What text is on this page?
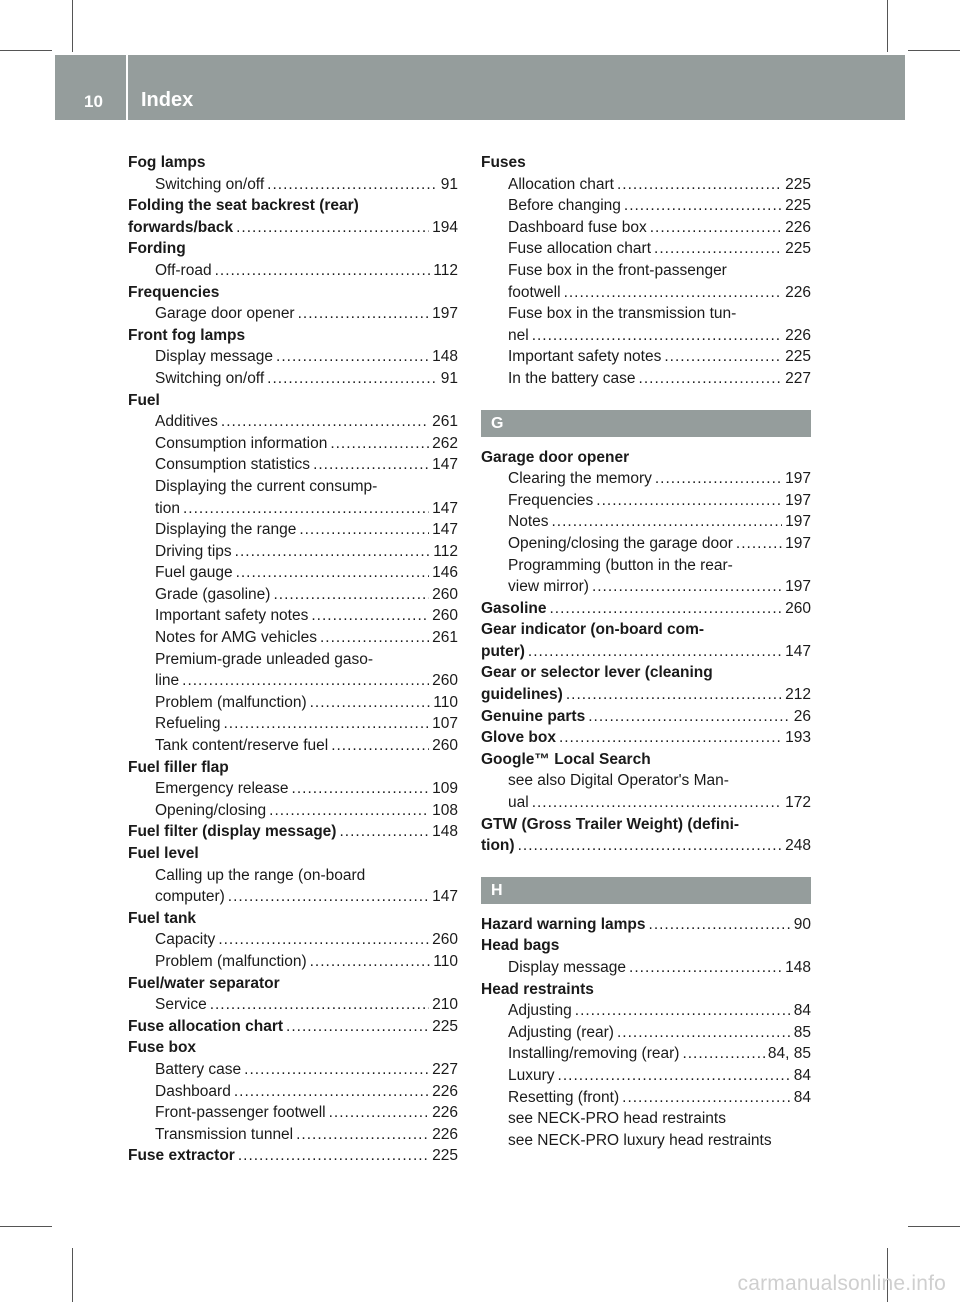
10 Index
Fog lamps
Switching on/off .....	91
Folding the seat backrest (rear)
forwards/back .....	194
Fording
Off-road .....	112
Frequencies
Garage door opener .....	197
Front fog lamps
Display message .....	148
Switching on/off .....	91
Fuel
Additives .....	261
Consumption information .....	262
Consumption statistics .....	147
Displaying the current consump-
tion .....	147
Displaying the range .....	147
Driving tips .....	112
Fuel gauge .....	146
Grade (gasoline) .....	260
Important safety notes .....	260
Notes for AMG vehicles .....	261
Premium-grade unleaded gaso-
line .....	260
Problem (malfunction) .....	110
Refueling .....	107
Tank content/reserve fuel .....	260
Fuel filler flap
Emergency release .....	109
Opening/closing .....	108
Fuel filter (display message) .....	148
Fuel level
Calling up the range (on-board
computer) .....	147
Fuel tank
Capacity .....	260
Problem (malfunction) .....	110
Fuel/water separator
Service .....	210
Fuse allocation chart .....	225
Fuse box
Battery case .....	227
Dashboard .....	226
Front-passenger footwell .....	226
Transmission tunnel .....	226
Fuse extractor .....	225
Fuses
Allocation chart .....	225
Before changing .....	225
Dashboard fuse box .....	226
Fuse allocation chart .....	225
Fuse box in the front-passenger
footwell .....	226
Fuse box in the transmission tun-
nel .....	226
Important safety notes .....	225
In the battery case .....	227
G
Garage door opener
Clearing the memory .....	197
Frequencies .....	197
Notes .....	197
Opening/closing the garage door .....	197
Programming (button in the rear-
view mirror) .....	197
Gasoline .....	260
Gear indicator (on-board com-
puter) .....	147
Gear or selector lever (cleaning
guidelines) .....	212
Genuine parts .....	26
Glove box .....	193
Google™ Local Search
see also Digital Operator's Man-
ual .....	172
GTW (Gross Trailer Weight) (defini-
tion) .....	248
H
Hazard warning lamps .....	90
Head bags
Display message .....	148
Head restraints
Adjusting .....	84
Adjusting (rear) .....	85
Installing/removing (rear) .....	84, 85
Luxury .....	84
Resetting (front) .....	84
see NECK-PRO head restraints
see NECK-PRO luxury head restraints
carmanualsonline.info
